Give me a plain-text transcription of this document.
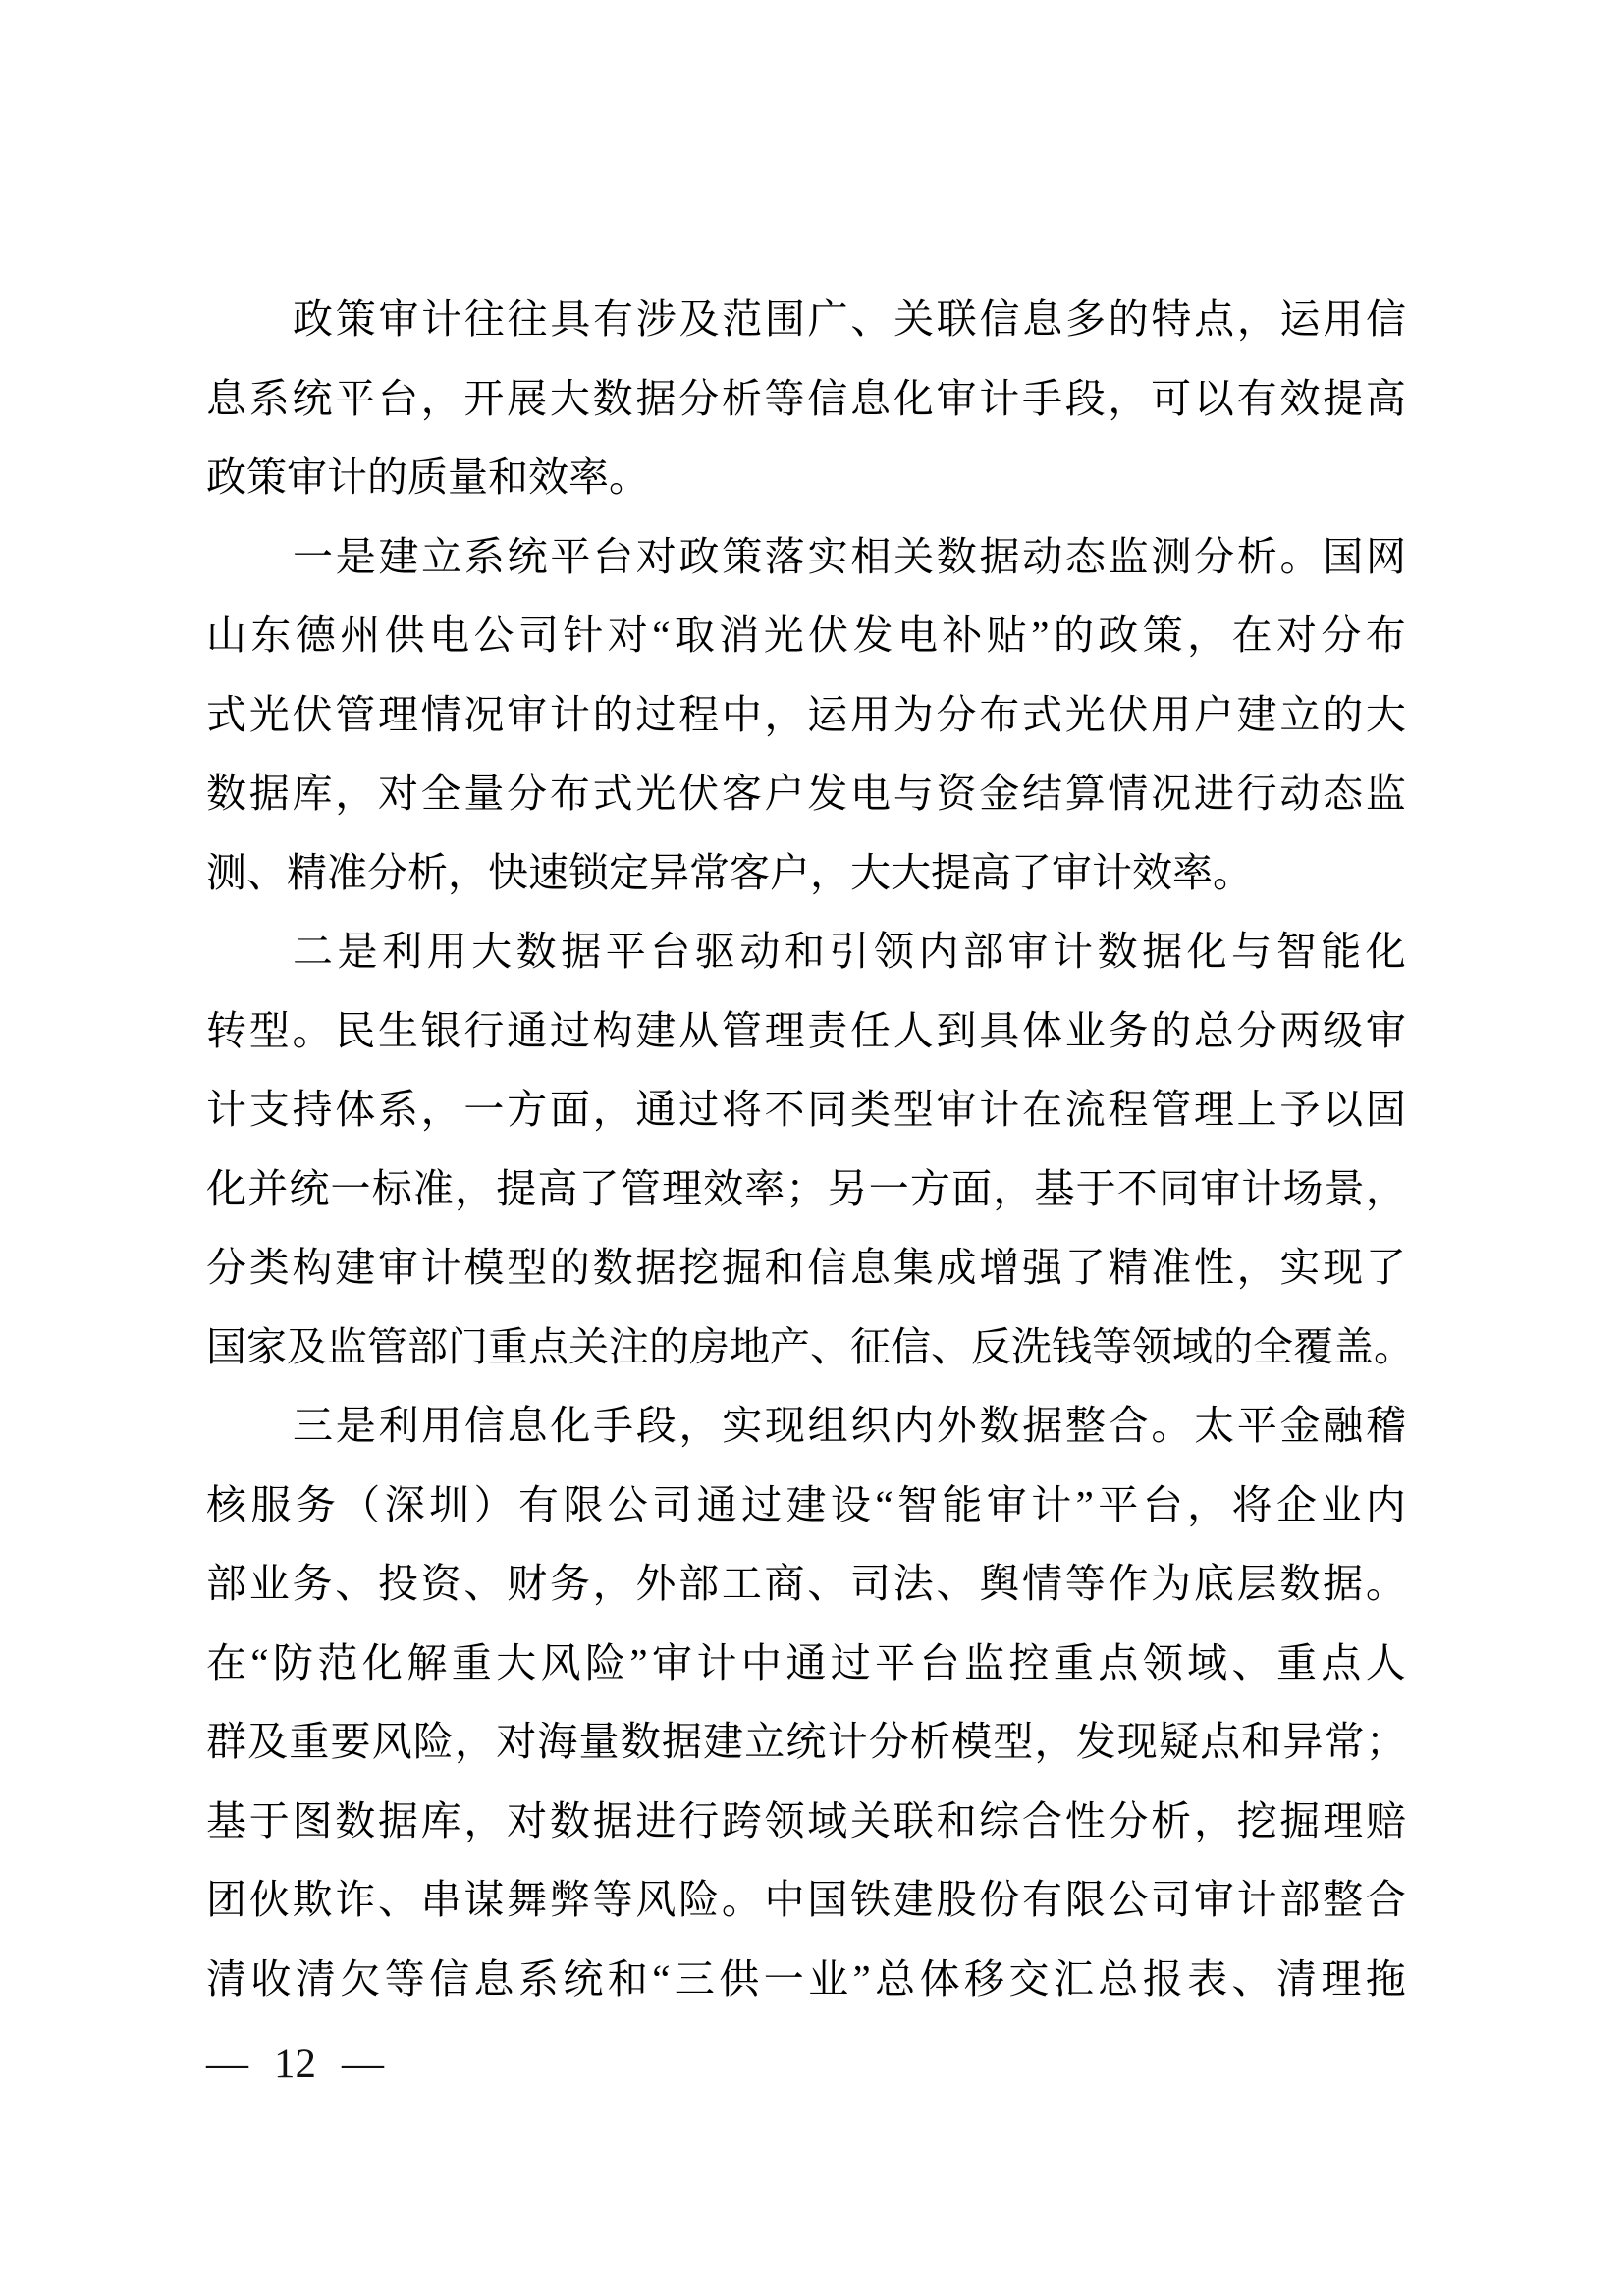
政 策 审 计 往 往 具 有 涉 及 范 围 广 、 关 联 信 息 多 的 特 点 ， 运 用 信
息 系 统 平 台 ， 开 展 大 数 据 分 析 等 信 息 化 审 计 手 段 ， 可 以 有 效 提 高
政策审计的质量和效率。
一 是 建 立 系 统 平 台 对 政 策 落 实 相 关 数 据 动 态 监 测 分 析 。 国 网
山 东 德 州 供 电 公 司 针 对 “ 取 消 光 伏 发 电 补 贴 ” 的 政 策 ， 在 对 分 布
式 光 伏 管 理 情 况 审 计 的 过 程 中 ， 运 用 为 分 布 式 光 伏 用 户 建 立 的 大
数 据 库 ， 对 全 量 分 布 式 光 伏 客 户 发 电 与 资 金 结 算 情 况 进 行 动 态 监
测、精准分析，快速锁定异常客户，大大提高了审计效率。
二 是 利 用 大 数 据 平 台 驱 动 和 引 领 内 部 审 计 数 据 化 与 智 能 化
转 型 。 民 生 银 行 通 过 构 建 从 管 理 责 任 人 到 具 体 业 务 的 总 分 两 级 审
计 支 持 体 系 ， 一 方 面 ， 通 过 将 不 同 类 型 审 计 在 流 程 管 理 上 予 以 固
化 并 统 一 标 准 ， 提 高 了 管 理 效 率 ； 另 一 方 面 ， 基 于 不 同 审 计 场 景 ，
分 类 构 建 审 计 模 型 的 数 据 挖 掘 和 信 息 集 成 增 强 了 精 准 性 ， 实 现 了
国 家 及 监 管 部 门 重 点 关 注 的 房 地 产 、 征 信 、 反 洗 钱 等 领 域 的 全 覆 盖 。
三 是 利 用 信 息 化 手 段 ， 实 现 组 织 内 外 数 据 整 合 。 太 平 金 融 稽
核 服 务 （ 深 圳 ） 有 限 公 司 通 过 建 设 “ 智 能 审 计 ” 平 台 ， 将 企 业 内
部 业 务 、 投 资 、 财 务 ， 外 部 工 商 、 司 法 、 舆 情 等 作 为 底 层 数 据 。
在 “ 防 范 化 解 重 大 风 险 ” 审 计 中 通 过 平 台 监 控 重 点 领 域 、 重 点 人
群 及 重 要 风 险 ， 对 海 量 数 据 建 立 统 计 分 析 模 型 ， 发 现 疑 点 和 异 常 ；
基 于 图 数 据 库 ， 对 数 据 进 行 跨 领 域 关 联 和 综 合 性 分 析 ， 挖 掘 理 赔
团 伙 欺 诈 、 串 谋 舞 弊 等 风 险 。 中 国 铁 建 股 份 有 限 公 司 审 计 部 整 合
清 收 清 欠 等 信 息 系 统 和 “ 三 供 一 业 ” 总 体 移 交 汇 总 报 表 、 清 理 拖
— 12 —
